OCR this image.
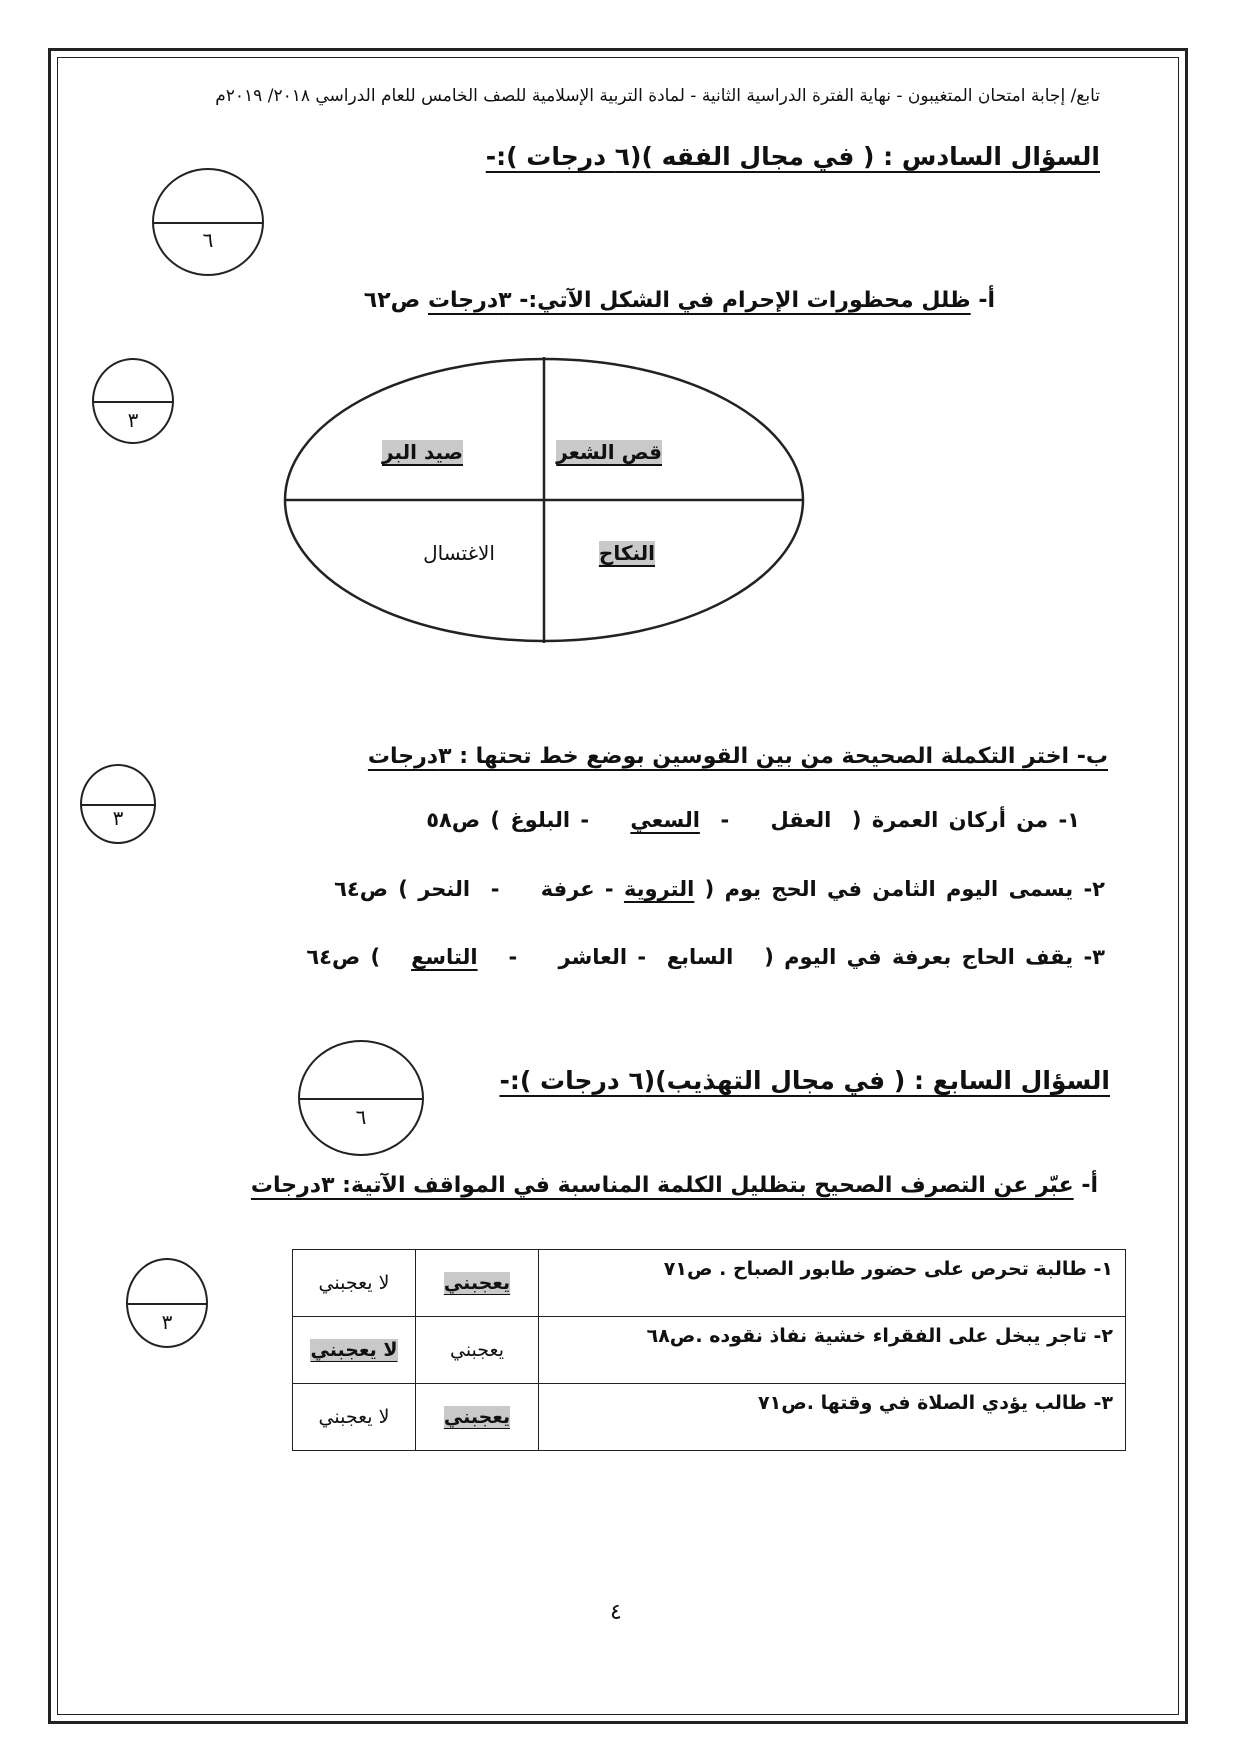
تابع/ إجابة امتحان المتغيبون - نهاية الفترة الدراسية الثانية - لمادة التربية الإسلامية للصف الخامس للعام الدراسي ٢٠١٨/ ٢٠١٩م
السؤال السادس : ( في مجال الفقه )(٦ درجات ):-
٦
أ- ظلل محظورات الإحرام في الشكل الآتي:- ٣درجات ص٦٢
٣
صيد البر	قص الشعر
الاغتسال	النكاح
ب- اختر التكملة الصحيحة من بين القوسين بوضع خط تحتها : ٣درجات
٣	١- من أركان العمرة (  العقل    -  السعي    - البلوغ ) ص٥٨
٢- يسمى اليوم الثامن في الحج يوم ( التروية - عرفة    -  النحر ) ص٦٤
٣- يقف الحاج بعرفة في اليوم (   السابع  - العاشر    -   التاسع   ) ص٦٤
السؤال السابع : ( في مجال التهذيب)(٦ درجات ):-
٦
أ- عبّر عن التصرف الصحيح بتظليل الكلمة المناسبة في المواقف الآتية: ٣درجات
٣
١- طالبة تحرص على حضور طابور الصباح . ص٧١	يعجبني	لا يعجبني
٢- تاجر يبخل على الفقراء خشية نفاذ نقوده .ص٦٨	يعجبني	لا يعجبني
٣- طالب يؤدي الصلاة في وقتها .ص٧١	يعجبني	لا يعجبني
٤
